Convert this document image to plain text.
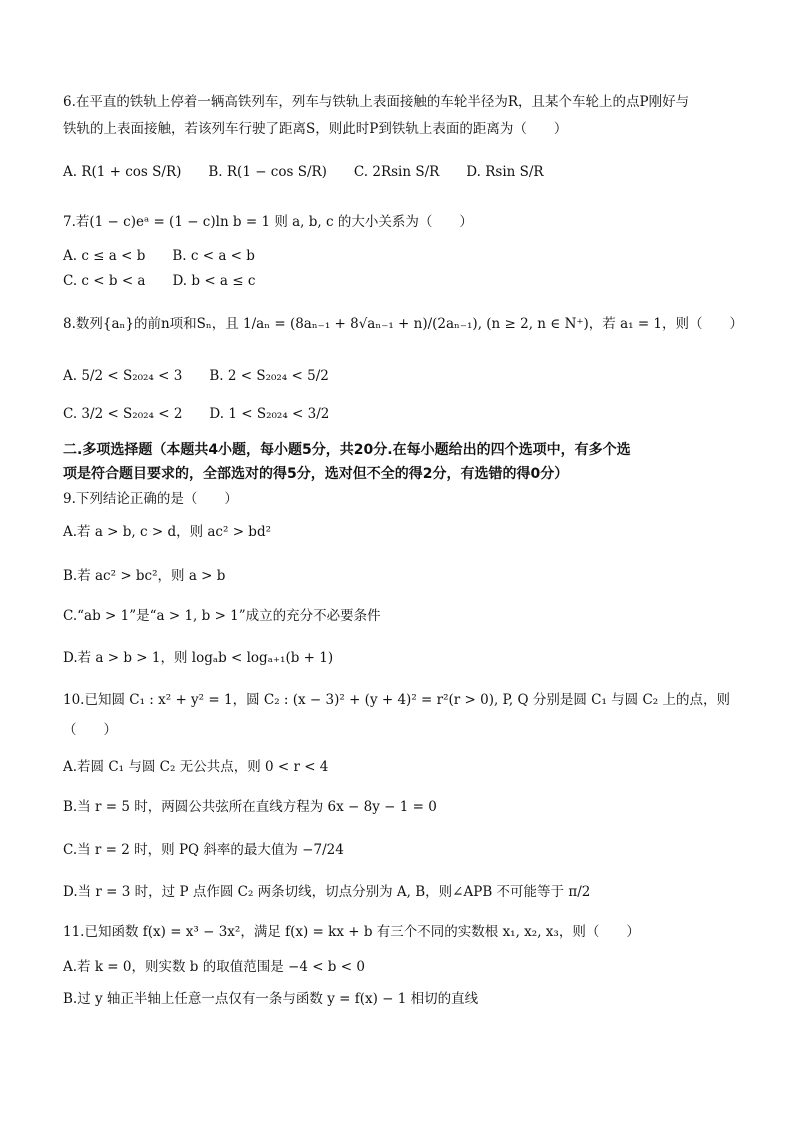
6.在平直的铁轨上停着一辆高铁列车，列车与铁轨上表面接触的车轮半径为R，且某个车轮上的点P刚好与
铁轨的上表面接触，若该列车行驶了距离S，则此时P到铁轨上表面的距离为（　　）
A. R(1 + cos S/R)　　B. R(1 − cos S/R)　　C. 2Rsin S/R　　D. Rsin S/R
7.若(1 − c)eᵃ = (1 − c)ln b = 1 则 a, b, c 的大小关系为（　　）
A. c ≤ a < b　　B. c < a < b
C. c < b < a　　D. b < a ≤ c
8.数列{aₙ}的前n项和Sₙ，且 1/aₙ = (8aₙ₋₁ + 8√aₙ₋₁ + n)/(2aₙ₋₁), (n ≥ 2, n ∈ N⁺)，若 a₁ = 1，则（　　）
A. 5/2 < S₂₀₂₄ < 3　　B. 2 < S₂₀₂₄ < 5/2
C. 3/2 < S₂₀₂₄ < 2　　D. 1 < S₂₀₂₄ < 3/2
二.多项选择题（本题共4小题，每小题5分，共20分.在每小题给出的四个选项中，有多个选
项是符合题目要求的，全部选对的得5分，选对但不全的得2分，有选错的得0分）
9.下列结论正确的是（　　）
A.若 a > b, c > d，则 ac² > bd²
B.若 ac² > bc²，则 a > b
C.“ab > 1”是“a > 1, b > 1”成立的充分不必要条件
D.若 a > b > 1，则 logₐb < logₐ₊₁(b + 1)
10.已知圆 C₁ : x² + y² = 1，圆 C₂ : (x − 3)² + (y + 4)² = r²(r > 0), P, Q 分别是圆 C₁ 与圆 C₂ 上的点，则
（　　）
A.若圆 C₁ 与圆 C₂ 无公共点，则 0 < r < 4
B.当 r = 5 时，两圆公共弦所在直线方程为 6x − 8y − 1 = 0
C.当 r = 2 时，则 PQ 斜率的最大值为 −7/24
D.当 r = 3 时，过 P 点作圆 C₂ 两条切线，切点分别为 A, B，则∠APB 不可能等于 π/2
11.已知函数 f(x) = x³ − 3x²，满足 f(x) = kx + b 有三个不同的实数根 x₁, x₂, x₃，则（　　）
A.若 k = 0，则实数 b 的取值范围是 −4 < b < 0
B.过 y 轴正半轴上任意一点仅有一条与函数 y = f(x) − 1 相切的直线
